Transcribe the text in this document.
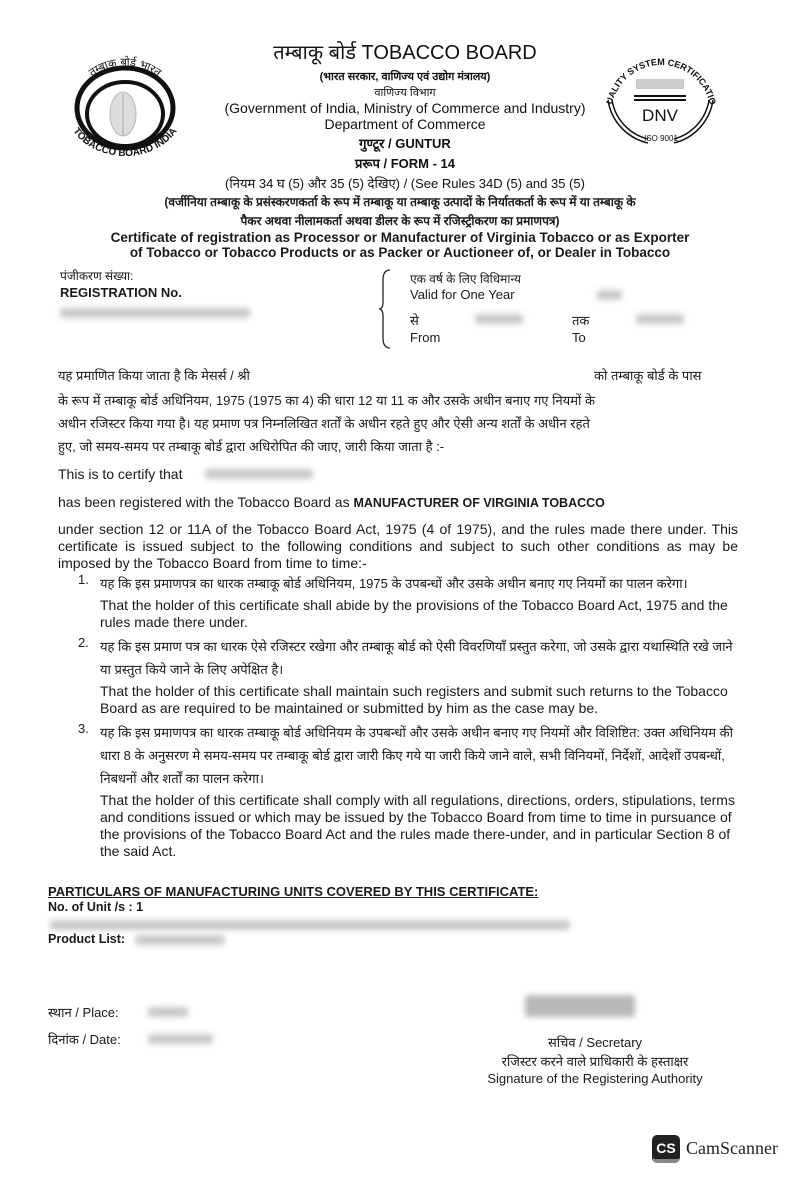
तम्बाकू बोर्ड भारत
TOBACCO BOARD INDIA
UALITY SYSTEM CERTIFICATIO
DNV
ISO 9001
तम्बाकू बोर्ड TOBACCO BOARD
(भारत सरकार, वाणिज्य एवं उद्योग मंत्रालय)
वाणिज्य विभाग
(Government of India, Ministry of Commerce and Industry)
Department of Commerce
गुण्टूर / GUNTUR
प्ररूप / FORM - 14
(नियम 34 घ (5) और 35 (5) देखिए) / (See Rules 34D (5) and 35 (5)
(वर्जीनिया तम्बाकू के प्रसंस्करणकर्ता के रूप में तम्बाकू या तम्बाकू उत्पादों के निर्यातकर्ता के रूप में या तम्बाकू के
पैकर अथवा नीलामकर्ता अथवा डीलर के रूप में रजिस्ट्रीकरण का प्रमाणपत्र)
Certificate of registration as Processor or Manufacturer of Virginia Tobacco or as Exporter
of Tobacco or Tobacco Products or as Packer or Auctioneer of, or Dealer in Tobacco
पंजीकरण संख्या:
REGISTRATION No.
एक वर्ष के लिए विधिमान्य
Valid for One Year
से	तक
From	To
यह प्रमाणित किया जाता है कि मेसर्स / श्री	को तम्बाकू बोर्ड के पास
के रूप में तम्बाकू बोर्ड अधिनियम, 1975 (1975 का 4) की धारा 12 या 11 क और उसके अधीन बनाए गए नियमों के
अधीन रजिस्टर किया गया है। यह प्रमाण पत्र निम्नलिखित शर्तों के अधीन रहते हुए और ऐसी अन्य शर्तों के अधीन रहते
हुए, जो समय-समय पर तम्बाकू बोर्ड द्वारा अधिरोपित की जाए, जारी किया जाता है :-
This is to certify that
has been registered with the Tobacco Board as MANUFACTURER OF VIRGINIA TOBACCO
under section 12 or 11A of the Tobacco Board Act, 1975 (4 of 1975), and the rules made there under. This certificate is issued subject to the following conditions and subject to such other conditions as may be imposed by the Tobacco Board from time to time:-
1. यह कि इस प्रमाणपत्र का धारक तम्बाकू बोर्ड अधिनियम, 1975 के उपबन्धों और उसके अधीन बनाए गए नियमों का पालन करेगा।
That the holder of this certificate shall abide by the provisions of the Tobacco Board Act, 1975 and the rules made there under.
2. यह कि इस प्रमाण पत्र का धारक ऐसे रजिस्टर रखेगा और तम्बाकू बोर्ड को ऐसी विवरणियाँ प्रस्तुत करेगा, जो उसके द्वारा यथास्थिति रखे जाने या प्रस्तुत किये जाने के लिए अपेक्षित है।
That the holder of this certificate shall maintain such registers and submit such returns to the Tobacco Board as are required to be maintained or submitted by him as the case may be.
3. यह कि इस प्रमाणपत्र का धारक तम्बाकू बोर्ड अधिनियम के उपबन्धों और उसके अधीन बनाए गए नियमों और विशिष्टित: उक्त अधिनियम की धारा 8 के अनुसरण मे समय-समय पर तम्बाकू बोर्ड द्वारा जारी किए गये या जारी किये जाने वाले, सभी विनियमों, निर्देशों, आदेशों उपबन्धों, निबधनों और शर्तों का पालन करेगा।
That the holder of this certificate shall comply with all regulations, directions, orders, stipulations, terms and conditions issued or which may be issued by the Tobacco Board from time to time in pursuance of the provisions of the Tobacco Board Act and the rules made there-under, and in particular Section 8 of the said Act.
PARTICULARS OF MANUFACTURING UNITS COVERED BY THIS CERTIFICATE:
No. of Unit /s : 1
Product List:
स्थान / Place:
दिनांक / Date:	सचिव / Secretary
रजिस्टर करने वाले प्राधिकारी के हस्ताक्षर
Signature of the Registering Authority
CS CamScanner
